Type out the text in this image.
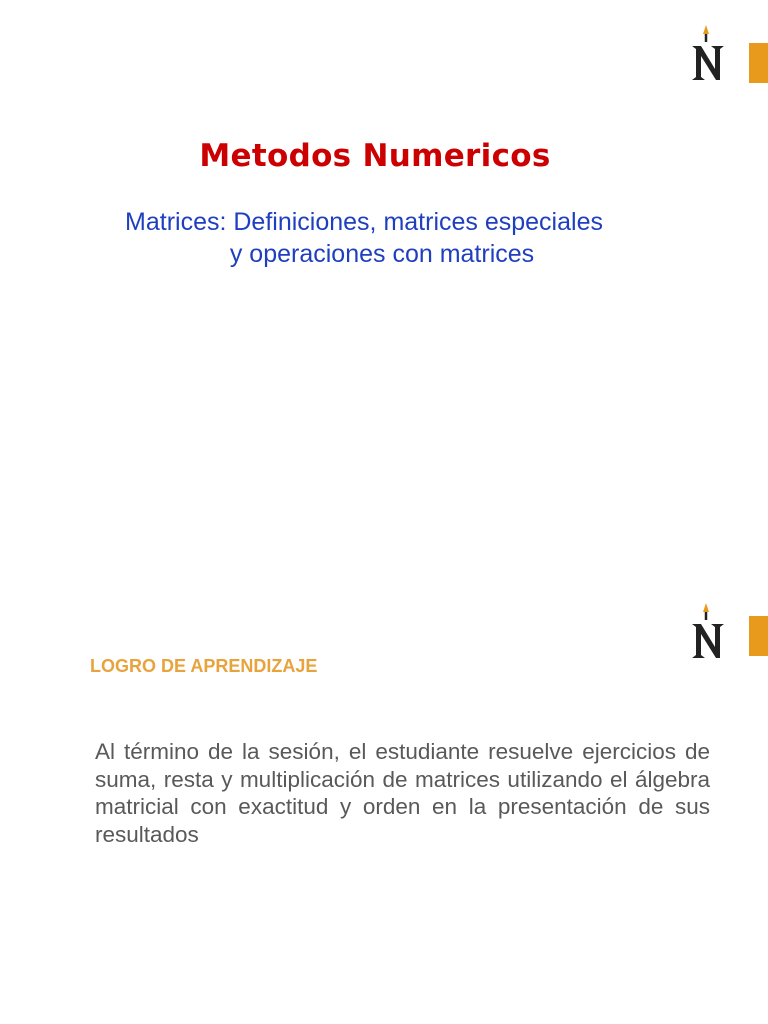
Metodos Numericos
Matrices: Definiciones, matrices especiales
y operaciones con matrices
LOGRO DE APRENDIZAJE

Al término de la sesión, el estudiante resuelve ejercicios de suma, resta y multiplicación de matrices utilizando el álgebra matricial con exactitud y orden en la presentación de sus resultados
